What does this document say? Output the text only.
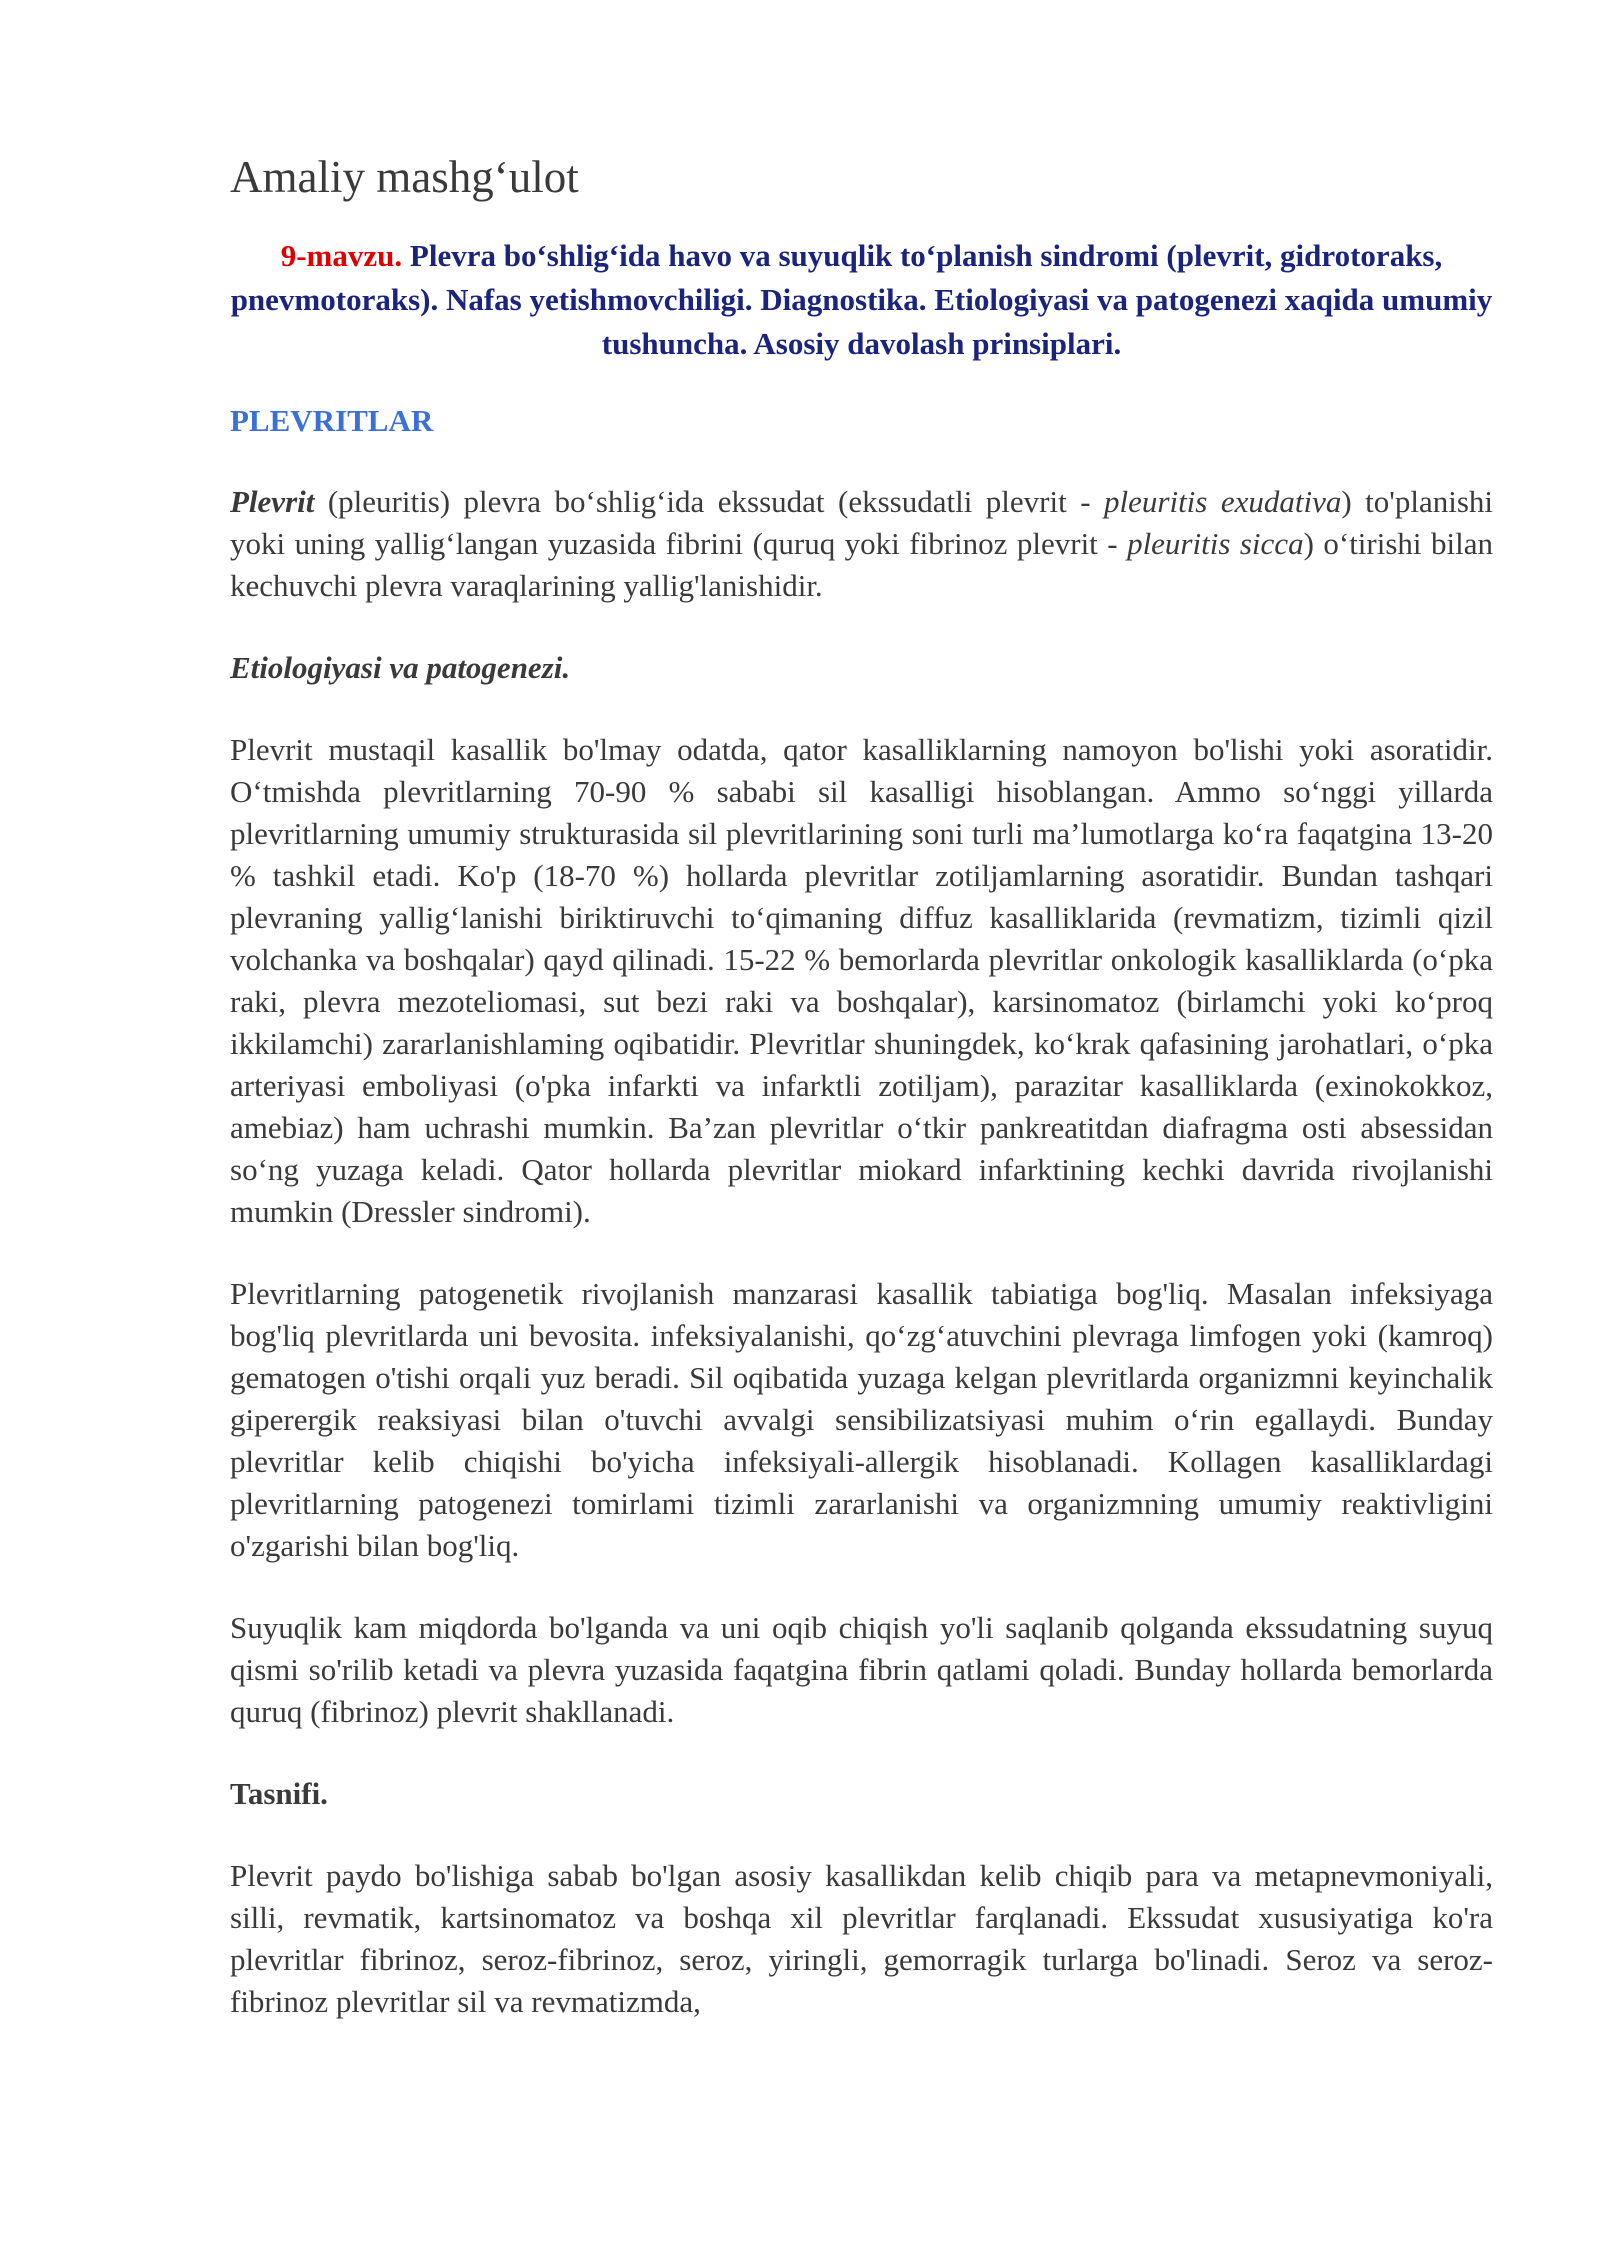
Amaliy mashg‘ulot

9-mavzu. Plevra bo‘shlig‘ida havo va suyuqlik to‘planish sindromi (plevrit, gidrotoraks, pnevmotoraks). Nafas yetishmovchiligi. Diagnostika. Etiologiyasi va patogenezi xaqida umumiy tushuncha. Asosiy davolash prinsiplari.

PLEVRITLAR

Plevrit (pleuritis) plevra bo‘shlig‘ida ekssudat (ekssudatli plevrit - pleuritis exudativa) to'planishi yoki uning yallig‘langan yuzasida fibrini (quruq yoki fibrinoz plevrit - pleuritis sicca) o‘tirishi bilan kechuvchi plevra varaqlarining yallig'lanishidir.

Etiologiyasi va patogenezi.

Plevrit mustaqil kasallik bo'lmay odatda, qator kasalliklarning namoyon bo'lishi yoki asoratidir. O‘tmishda plevritlarning 70-90 % sababi sil kasalligi hisoblangan. Ammo so‘nggi yillarda plevritlarning umumiy strukturasida sil plevritlarining soni turli ma’lumotlarga ko‘ra faqatgina 13-20 % tashkil etadi. Ko'p (18-70 %) hollarda plevritlar zotiljamlarning asoratidir. Bundan tashqari plevraning yallig‘lanishi biriktiruvchi to‘qimaning diffuz kasalliklarida (revmatizm, tizimli qizil volchanka va boshqalar) qayd qilinadi. 15-22 % bemorlarda plevritlar onkologik kasalliklarda (o‘pka raki, plevra mezoteliomasi, sut bezi raki va boshqalar), karsinomatoz (birlamchi yoki ko‘proq ikkilamchi) zararlanishlaming oqibatidir. Plevritlar shuningdek, ko‘krak qafasining jarohatlari, o‘pka arteriyasi emboliyasi (o'pka infarkti va infarktli zotiljam), parazitar kasalliklarda (exinokokkoz, amebiaz) ham uchrashi mumkin. Ba’zan plevritlar o‘tkir pankreatitdan diafragma osti absessidan so‘ng yuzaga keladi. Qator hollarda plevritlar miokard infarktining kechki davrida rivojlanishi mumkin (Dressler sindromi).

Plevritlarning patogenetik rivojlanish manzarasi kasallik tabiatiga bog'liq. Masalan infeksiyaga bog'liq plevritlarda uni bevosita. infeksiyalanishi, qo‘zg‘atuvchini plevraga limfogen yoki (kamroq) gematogen o'tishi orqali yuz beradi. Sil oqibatida yuzaga kelgan plevritlarda organizmni keyinchalik giperergik reaksiyasi bilan o'tuvchi avvalgi sensibilizatsiyasi muhim o‘rin egallaydi. Bunday plevritlar kelib chiqishi bo'yicha infeksiyali-allergik hisoblanadi. Kollagen kasalliklardagi plevritlarning patogenezi tomirlami tizimli zararlanishi va organizmning umumiy reaktivligini o'zgarishi bilan bog'liq.

Suyuqlik kam miqdorda bo'lganda va uni oqib chiqish yo'li saqlanib qolganda ekssudatning suyuq qismi so'rilib ketadi va plevra yuzasida faqatgina fibrin qatlami qoladi. Bunday hollarda bemorlarda quruq (fibrinoz) plevrit shakllanadi.

Tasnifi.

Plevrit paydo bo'lishiga sabab bo'lgan asosiy kasallikdan kelib chiqib para va metapnevmoniyali, silli, revmatik, kartsinomatoz va boshqa xil plevritlar farqlanadi. Ekssudat xususiyatiga ko'ra plevritlar fibrinoz, seroz-fibrinoz, seroz, yiringli, gemorragik turlarga bo'linadi. Seroz va seroz-fibrinoz plevritlar sil va revmatizmda,
